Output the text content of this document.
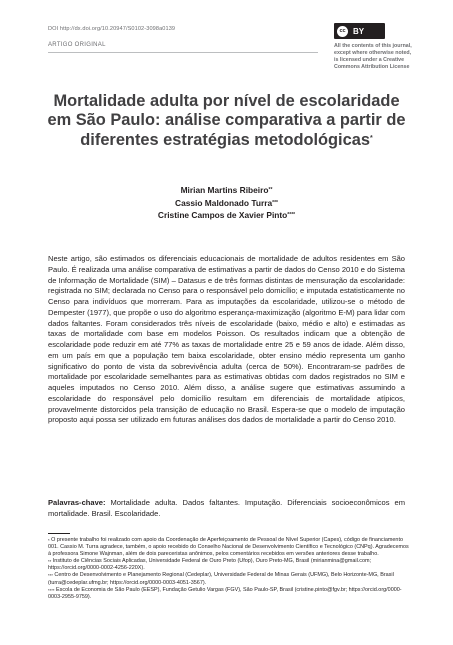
DOI http://dx.doi.org/10.20947/S0102-3098a0139
ARTIGO ORIGINAL
cc BY
All the contents of this journal, except where otherwise noted, is licensed under a Creative Commons Attribution License
Mortalidade adulta por nível de escolaridade em São Paulo: análise comparativa a partir de diferentes estratégias metodológicas*
Mirian Martins Ribeiro**
Cassio Maldonado Turra***
Cristine Campos de Xavier Pinto****
Neste artigo, são estimados os diferenciais educacionais de mortalidade de adultos residentes em São Paulo. É realizada uma análise comparativa de estimativas a partir de dados do Censo 2010 e do Sistema de Informação de Mortalidade (SIM) – Datasus e de três formas distintas de mensuração da escolaridade: registrada no SIM; declarada no Censo para o responsável pelo domicílio; e imputada estatisticamente no Censo para indivíduos que morreram. Para as imputações da escolaridade, utilizou-se o método de Dempester (1977), que propõe o uso do algoritmo esperança-maximização (algoritmo E-M) para lidar com dados faltantes. Foram considerados três níveis de escolaridade (baixo, médio e alto) e estimadas as taxas de mortalidade com base em modelos Poisson. Os resultados indicam que a obtenção de escolaridade pode reduzir em até 77% as taxas de mortalidade entre 25 e 59 anos de idade. Além disso, em um país em que a população tem baixa escolaridade, obter ensino médio representa um ganho significativo do ponto de vista da sobrevivência adulta (cerca de 50%). Encontraram-se padrões de mortalidade por escolaridade semelhantes para as estimativas obtidas com dados registrados no SIM e aqueles imputados no Censo 2010. Além disso, a análise sugere que estimativas assumindo a escolaridade do responsável pelo domicílio resultam em diferenciais de mortalidade atípicos, provavelmente distorcidos pela transição de educação no Brasil. Espera-se que o modelo de imputação proposto aqui possa ser utilizado em futuras análises dos dados de mortalidade a partir do Censo 2010.
Palavras-chave: Mortalidade adulta. Dados faltantes. Imputação. Diferenciais socioeconômicos em mortalidade. Brasil. Escolaridade.

* O presente trabalho foi realizado com apoio da Coordenação de Aperfeiçoamento de Pessoal de Nível Superior (Capes), código de financiamento 001. Cassio M. Turra agradece, também, o apoio recebido do Conselho Nacional de Desenvolvimento Científico e Tecnológico (CNPq). Agradecemos à professora Simone Wajnman, além de dois pareceristas anônimos, pelos comentários recebidos em versões anteriores desse trabalho.

** Instituto de Ciências Sociais Aplicadas, Universidade Federal de Ouro Preto (Ufop), Ouro Preto-MG, Brasil (mirianmina@gmail.com; https://orcid.org/0000-0002-4256-220X).

*** Centro de Desenvolvimento e Planejamento Regional (Cedeplar), Universidade Federal de Minas Gerais (UFMG), Belo Horizonte-MG, Brasil (turra@cedeplar.ufmg.br; https://orcid.org/0000-0003-4051-3567).

**** Escola de Economia de São Paulo (EESP), Fundação Getulio Vargas (FGV), São Paulo-SP, Brasil (cristine.pinto@fgv.br; https://orcid.org/0000-0003-2955-9759).
